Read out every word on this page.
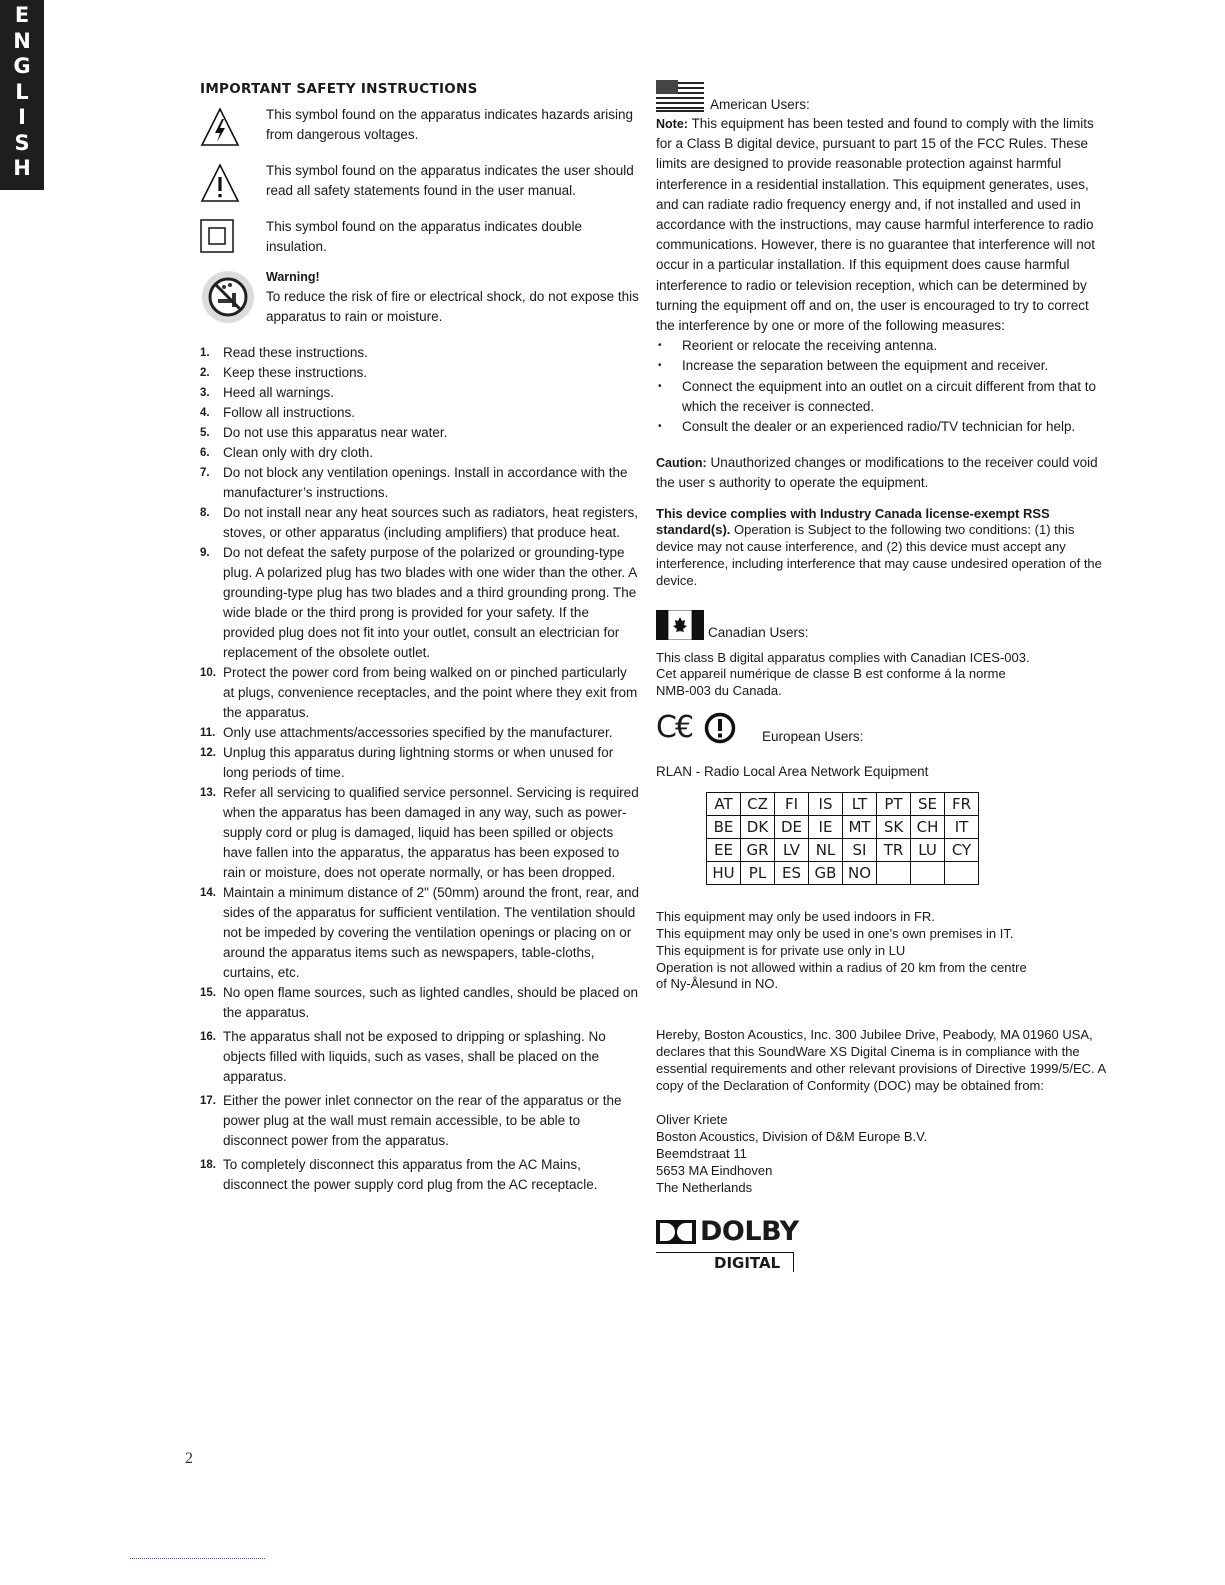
E
N
G
L
I
S
H
IMPORTANT SAFETY INSTRUCTIONS
This symbol found on the apparatus indicates hazards arising from dangerous voltages.
This symbol found on the apparatus indicates the user should read all safety statements found in the user manual.
This symbol found on the apparatus indicates double insulation.
Warning!
To reduce the risk of fire or electrical shock, do not expose this apparatus to rain or moisture.
1. Read these instructions.
2. Keep these instructions.
3. Heed all warnings.
4. Follow all instructions.
5. Do not use this apparatus near water.
6. Clean only with dry cloth.
7. Do not block any ventilation openings. Install in accordance with the manufacturer’s instructions.
8. Do not install near any heat sources such as radiators, heat registers, stoves, or other apparatus (including amplifiers) that produce heat.
9. Do not defeat the safety purpose of the polarized or grounding-type plug. A polarized plug has two blades with one wider than the other. A grounding-type plug has two blades and a third grounding prong. The wide blade or the third prong is provided for your safety. If the provided plug does not fit into your outlet, consult an electrician for replacement of the obsolete outlet.
10. Protect the power cord from being walked on or pinched particularly at plugs, convenience receptacles, and the point where they exit from the apparatus.
11. Only use attachments/accessories specified by the manufacturer.
12. Unplug this apparatus during lightning storms or when unused for long periods of time.
13. Refer all servicing to qualified service personnel. Servicing is required when the apparatus has been damaged in any way, such as power-supply cord or plug is damaged, liquid has been spilled or objects have fallen into the apparatus, the apparatus has been exposed to rain or moisture, does not operate normally, or has been dropped.
14. Maintain a minimum distance of 2" (50mm) around the front, rear, and sides of the apparatus for sufficient ventilation. The ventilation should not be impeded by covering the ventilation openings or placing on or around the apparatus items such as newspapers, table-cloths, curtains, etc.
15. No open flame sources, such as lighted candles, should be placed on the apparatus.
16. The apparatus shall not be exposed to dripping or splashing. No objects filled with liquids, such as vases, shall be placed on the apparatus.
17. Either the power inlet connector on the rear of the apparatus or the power plug at the wall must remain accessible, to be able to disconnect power from the apparatus.
18. To completely disconnect this apparatus from the AC Mains, disconnect the power supply cord plug from the AC receptacle.
American Users:

Note: This equipment has been tested and found to comply with the limits for a Class B digital device, pursuant to part 15 of the FCC Rules. These limits are designed to provide reasonable protection against harmful interference in a residential installation. This equipment generates, uses, and can radiate radio frequency energy and, if not installed and used in accordance with the instructions, may cause harmful interference to radio communications. However, there is no guarantee that interference will not occur in a particular installation. If this equipment does cause harmful interference to radio or television reception, which can be determined by turning the equipment off and on, the user is encouraged to try to correct the interference by one or more of the following measures:

• Reorient or relocate the receiving antenna.
• Increase the separation between the equipment and receiver.
• Connect the equipment into an outlet on a circuit different from that to which the receiver is connected.
• Consult the dealer or an experienced radio/TV technician for help.

Caution: Unauthorized changes or modifications to the receiver could void the user s authority to operate the equipment.

This device complies with Industry Canada license-exempt RSS standard(s). Operation is Subject to the following two conditions: (1) this device may not cause interference, and (2) this device must accept any interference, including interference that may cause undesired operation of the device.

Canadian Users:

This class B digital apparatus complies with Canadian ICES-003.

Cet appareil numérique de classe B est conforme á la norme

NMB-003 du Canada.

C€	European Users:

RLAN - Radio Local Area Network Equipment

AT	CZ	FI	IS	LT	PT	SE	FR
BE	DK	DE	IE	MT	SK	CH	IT
EE	GR	LV	NL	SI	TR	LU	CY
HU	PL	ES	GB	NO			

This equipment may only be used indoors in FR.

This equipment may only be used in one’s own premises in IT.

This equipment is for private use only in LU

Operation is not allowed within a radius of 20 km from the centre

of Ny-Ålesund in NO.

Hereby, Boston Acoustics, Inc. 300 Jubilee Drive, Peabody, MA 01960 USA, declares that this SoundWare XS Digital Cinema is in compliance with the essential requirements and other relevant provisions of Directive 1999/5/EC. A copy of the Declaration of Conformity (DOC) may be obtained from:

Oliver Kriete

Boston Acoustics, Division of D&M Europe B.V.

Beemdstraat 11

5653 MA Eindhoven

The Netherlands

DOLBY
DIGITAL
2
